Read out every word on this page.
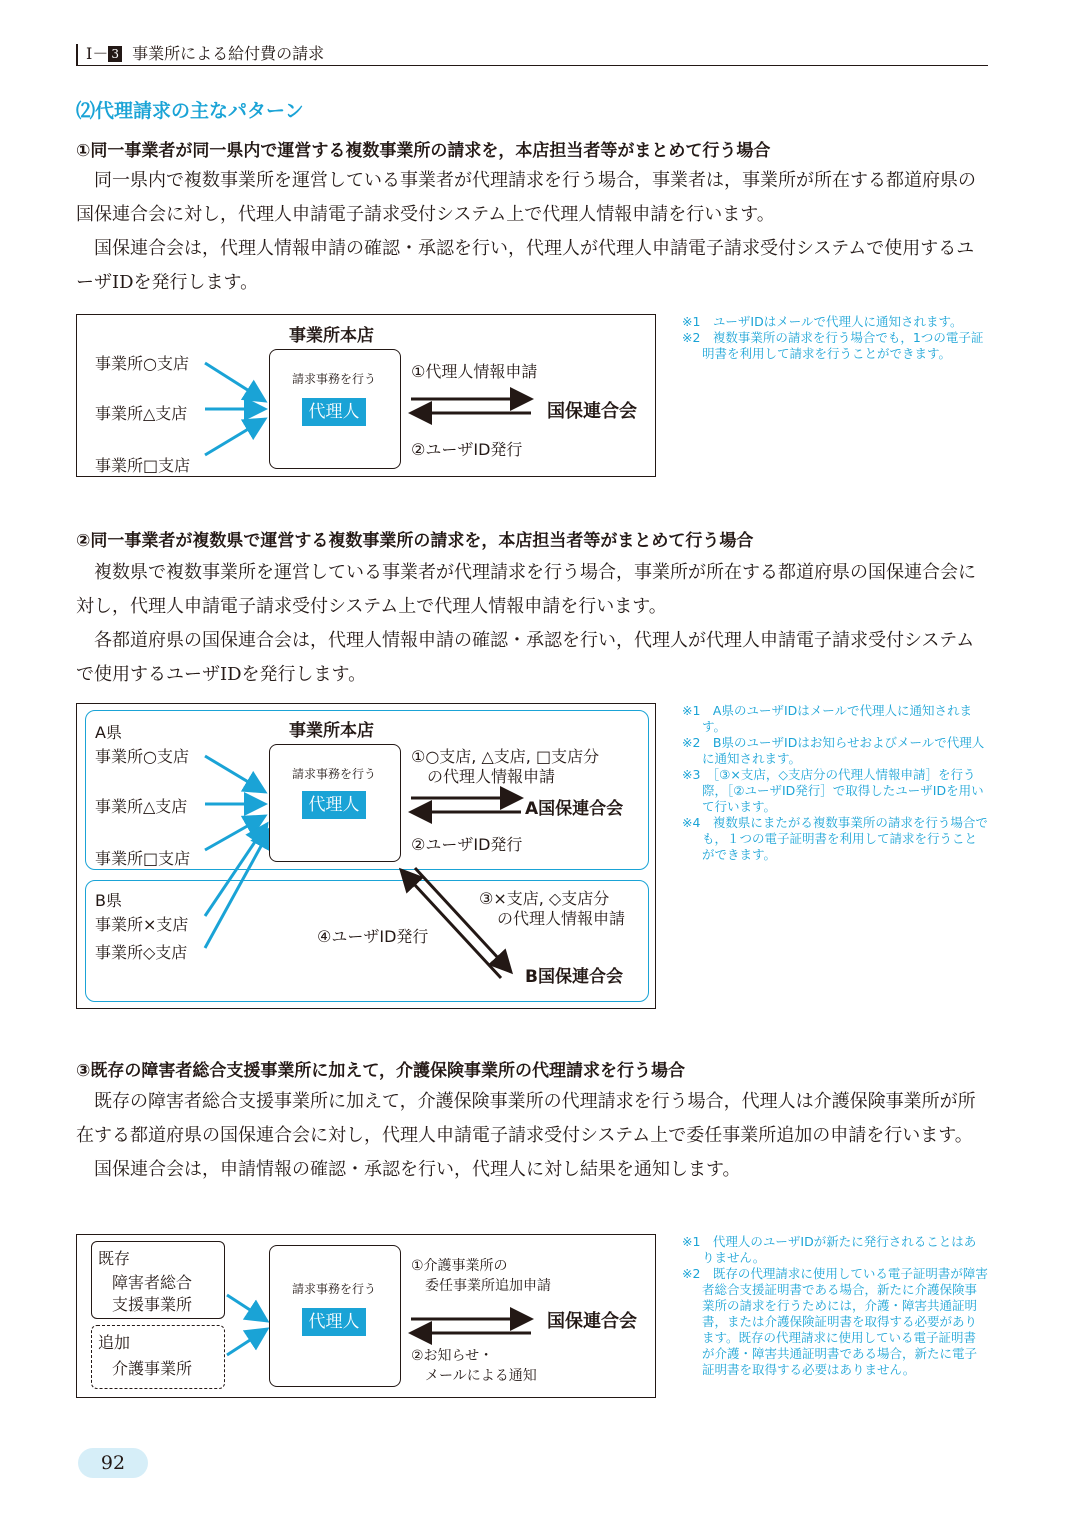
Ⅰ－ 3 事業所による給付費の請求
⑵代理請求の主なパターン
①同一事業者が同一県内で運営する複数事業所の請求を，本店担当者等がまとめて行う場合

同一県内で複数事業所を運営している事業者が代理請求を行う場合，事業者は，事業所が所在する都道府県の国保連合会に対し，代理人申請電子請求受付システム上で代理人情報申請を行います。

国保連合会は，代理人情報申請の確認・承認を行い，代理人が代理人申請電子請求受付システムで使用するユーザIDを発行します。

事業所本店
事業所○支店
事業所△支店
事業所□支店
請求事務を行う
代理人
①代理人情報申請
国保連合会
②ユーザID発行
※1　ユーザIDはメールで代理人に通知されます。
※2　複数事業所の請求を行う場合でも，1つの電子証明書を利用して請求を行うことができます。
②同一事業者が複数県で運営する複数事業所の請求を，本店担当者等がまとめて行う場合

複数県で複数事業所を運営している事業者が代理請求を行う場合，事業所が所在する都道府県の国保連合会に対し，代理人申請電子請求受付システム上で代理人情報申請を行います。

各都道府県の国保連合会は，代理人情報申請の確認・承認を行い，代理人が代理人申請電子請求受付システムで使用するユーザIDを発行します。

A県	事業所本店
事業所○支店
事業所△支店
事業所□支店
請求事務を行う
代理人
①○支店, △支店, □支店分
の代理人情報申請
A国保連合会
②ユーザID発行
B県
事業所×支店
事業所◇支店
③×支店, ◇支店分
の代理人情報申請
④ユーザID発行
B国保連合会
※1　A県のユーザIDはメールで代理人に通知されます。
※2　B県のユーザIDはお知らせおよびメールで代理人に通知されます。
※3　［③×支店，◇支店分の代理人情報申請］を行う際，［②ユーザID発行］で取得したユーザIDを用いて行います。
※4　複数県にまたがる複数事業所の請求を行う場合でも，１つの電子証明書を利用して請求を行うことができます。
③既存の障害者総合支援事業所に加えて，介護保険事業所の代理請求を行う場合

既存の障害者総合支援事業所に加えて，介護保険事業所の代理請求を行う場合，代理人は介護保険事業所が所在する都道府県の国保連合会に対し，代理人申請電子請求受付システム上で委任事業所追加の申請を行います。

国保連合会は，申請情報の確認・承認を行い，代理人に対し結果を通知します。

既存
障害者総合
支援事業所
追加
介護事業所
請求事務を行う
代理人
①介護事業所の
委任事業所追加申請
国保連合会
②お知らせ・
メールによる通知
※1　代理人のユーザIDが新たに発行されることはありません。
※2　既存の代理請求に使用している電子証明書が障害者総合支援証明書である場合，新たに介護保険事業所の請求を行うためには，介護・障害共通証明書，または介護保険証明書を取得する必要があります。既存の代理請求に使用している電子証明書が介護・障害共通証明書である場合，新たに電子証明書を取得する必要はありません。
92
